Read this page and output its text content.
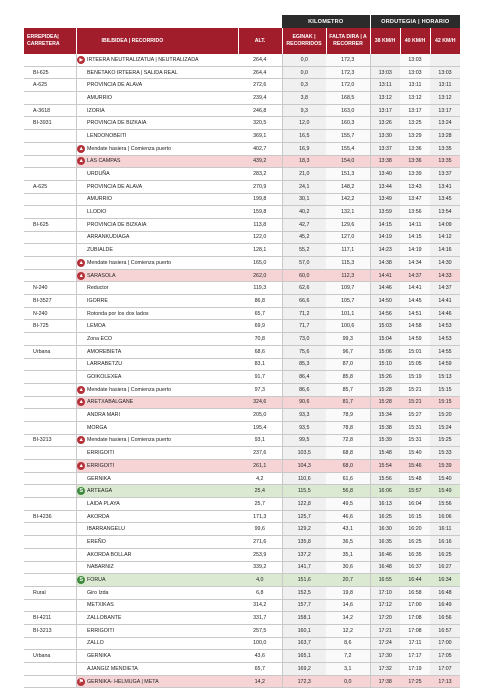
				KILOMETRO		ORDUTEGIA | HORARIO		
ERREPIDEA| CARRETERA	IBILBIDEA | RECORRIDO		ALT.	EGINAK | RECORRIDOS	FALTA DIRA | A RECORRER	38 KM/H	40 KM/H	42 KM/H
	▶	IRTEERA NEUTRALIZATUA | NEUTRALIZADA	264,4	0,0	172,3		13:03	
BI-625		BENETAKO IRTEERA | SALIDA REAL	264,4	0,0	172,3	13:03	13:03	13:03
A-625		PROVINCIA DE ALAVA	272,6	0,3	172,0	13:11	13:11	13:11
		AMURRIO	239,4	3,8	168,5	13:12	13:12	13:12
A-3618		IZORIA	246,8	9,3	163,0	13:17	13:17	13:17
BI-3931		PROVINCIA DE BIZKAIA	320,5	12,0	160,3	13:26	13:25	13:24
		LENDONOBEITI	369,1	16,5	155,7	13:30	13:29	13:28
	▲	Mendate hasiera | Comienza puerto	402,7	16,9	155,4	13:37	13:36	13:35
	▲	LAS CAMPAS	439,2	18,3	154,0	13:38	13:36	13:35
		URDUÑA	283,2	21,0	151,3	13:40	13:39	13:37
A-625		PROVINCIA DE ALAVA	270,9	24,1	148,2	13:44	13:43	13:41
		AMURRIO	199,8	30,1	142,2	13:49	13:47	13:45
		LLODIO	159,8	40,2	132,1	13:59	13:56	13:54
BI-625		PROVINCIA DE BIZKAIA	113,8	42,7	129,6	14:15	14:11	14:09
		ARRANKUDIAGA	122,0	45,2	127,0	14:19	14:15	14:12
		ZUBIALDE	128,1	55,2	117,1	14:23	14:19	14:16
	▲	Mendate hasiera | Comienza puerto	165,0	57,0	115,3	14:38	14:34	14:30
	▲	SARASOLA	262,0	60,0	112,3	14:41	14:37	14:33
N-240		Reductor	119,3	62,6	109,7	14:46	14:41	14:37
BI-3527		IGORRE	86,8	66,6	105,7	14:50	14:45	14:41
N-240		Rotonda por los dos lados	65,7	71,2	101,1	14:56	14:51	14:46
BI-725		LEMOA	69,9	71,7	100,6	15:03	14:58	14:53
		Zona ECO	70,8	73,0	99,3	15:04	14:59	14:53
Urbana		AMOREBIETA	68,6	75,6	96,7	15:06	15:01	14:55
		LARRABETZU	83,1	85,3	87,0	15:10	15:05	14:59
		GOIKOLEXEA	91,7	86,4	85,8	15:26	15:19	15:13
	▲	Mendate hasiera | Comienza puerto	97,3	86,6	85,7	15:28	15:21	15:15
	▲	ARETXABALGANE	324,6	90,6	81,7	15:28	15:21	15:15
		ANDRA MARI	205,0	93,3	78,9	15:34	15:27	15:20
		MORGA	195,4	93,5	78,8	15:38	15:31	15:24
BI-3213	▲	Mendate hasiera | Comienza puerto	93,1	99,5	72,8	15:39	15:31	15:25
		ERRIGOITI	237,6	103,5	68,8	15:48	15:40	15:33
	▲	ERRIGOITI	261,1	104,3	68,0	15:54	15:46	15:39
		GERNIKA	4,2	110,6	61,6	15:56	15:48	15:40
	S	ARTEAGA	25,4	115,5	56,8	16:06	15:57	15:49
		LAIDA PLAYA	25,7	122,8	49,5	16:13	16:04	15:56
BI-4236		AKORDA	171,3	125,7	46,6	16:25	16:15	16:06
		IBARRANGELU	99,6	129,2	43,1	16:30	16:20	16:11
		EREÑO	271,6	135,8	36,5	16:35	16:25	16:16
		AKORDA BOLLAR	253,9	137,2	35,1	16:46	16:35	16:25
		NABARNIZ	339,2	141,7	30,6	16:48	16:37	16:27
	S	FORUA	4,0	151,6	20,7	16:55	16:44	16:34
Rural		Giro Izda	6,8	152,5	19,8	17:10	16:58	16:48
		METXIKAS	314,2	157,7	14,6	17:12	17:00	16:49
BI-4211		ZALLOBANTE	331,7	158,1	14,2	17:20	17:08	16:56
BI-3213		ERRIGOITI	257,5	160,1	12,2	17:21	17:08	16:57
		ZALLO	100,0	163,7	8,6	17:24	17:11	17:00
Urbana		GERNIKA	43,6	165,1	7,2	17:30	17:17	17:05
		AJANGIZ MENDIETA	65,7	169,2	3,1	17:32	17:19	17:07
	⚑	GERNIKA- HELMUGA | META	14,2	172,3	0,0	17:38	17:25	17:13
